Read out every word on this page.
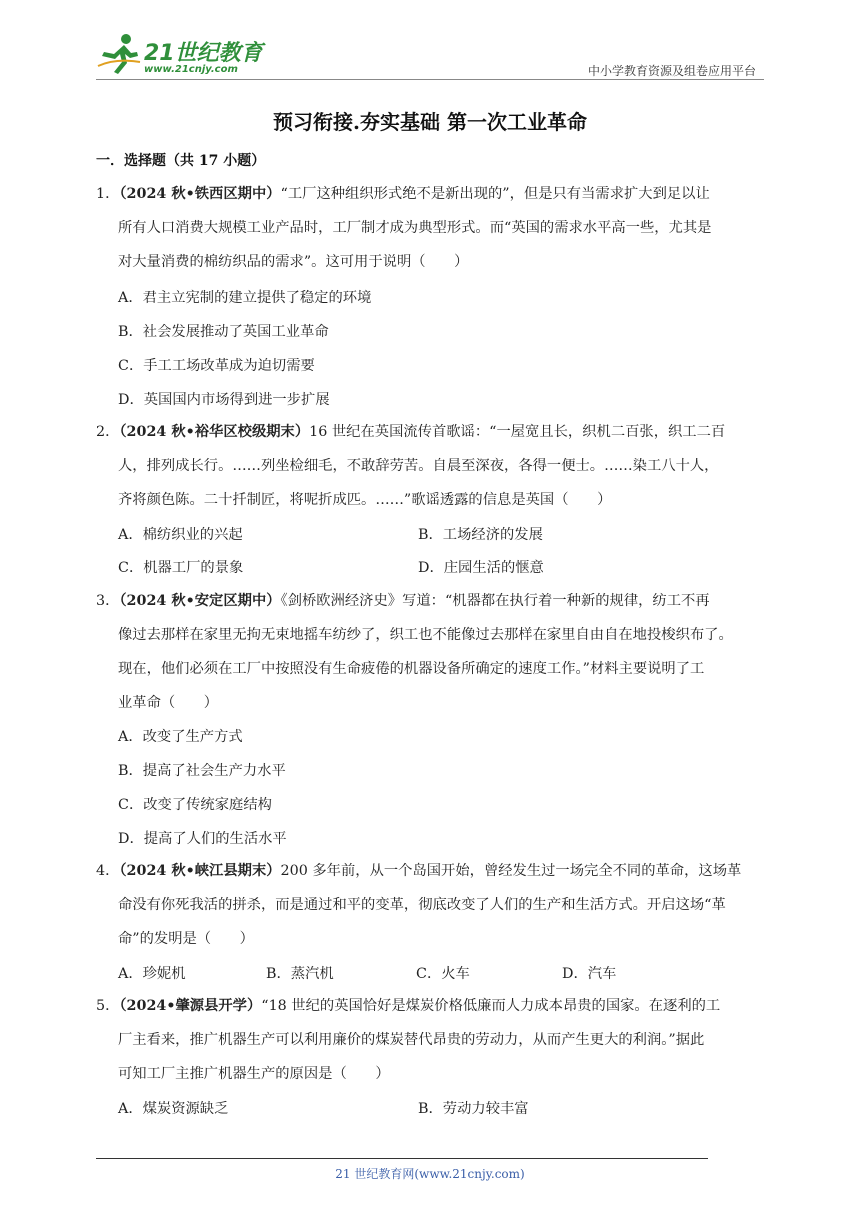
21世纪教育
www.21cnjy.com	中小学教育资源及组卷应用平台
预习衔接.夯实基础 第一次工业革命
一．选择题（共 17 小题）
1．（2024 秋•铁西区期中）“工厂这种组织形式绝不是新出现的”，但是只有当需求扩大到足以让
所有人口消费大规模工业产品时，工厂制才成为典型形式。而“英国的需求水平高一些，尤其是
对大量消费的棉纺织品的需求”。这可用于说明（　　）
A．君主立宪制的建立提供了稳定的环境
B．社会发展推动了英国工业革命
C．手工工场改革成为迫切需要
D．英国国内市场得到进一步扩展
2．（2024 秋•裕华区校级期末）16 世纪在英国流传首歌谣：“一屋宽且长，织机二百张，织工二百
人，排列成长行。……列坐检细毛，不敢辞劳苦。自晨至深夜，各得一便士。……染工八十人，
齐将颜色陈。二十扦制匠，将呢折成匹。……”歌谣透露的信息是英国（　　）
A．棉纺织业的兴起	B．工场经济的发展
C．机器工厂的景象	D．庄园生活的惬意
3．（2024 秋•安定区期中）《剑桥欧洲经济史》写道：“机器都在执行着一种新的规律，纺工不再
像过去那样在家里无拘无束地摇车纺纱了，织工也不能像过去那样在家里自由自在地投梭织布了。
现在，他们必须在工厂中按照没有生命疲倦的机器设备所确定的速度工作。”材料主要说明了工
业革命（　　）
A．改变了生产方式
B．提高了社会生产力水平
C．改变了传统家庭结构
D．提高了人们的生活水平
4．（2024 秋•峡江县期末）200 多年前，从一个岛国开始，曾经发生过一场完全不同的革命，这场革
命没有你死我活的拼杀，而是通过和平的变革，彻底改变了人们的生产和生活方式。开启这场“革
命”的发明是（　　）
A．珍妮机	B．蒸汽机	C．火车	D．汽车
5．（2024•肇源县开学）“18 世纪的英国恰好是煤炭价格低廉而人力成本昂贵的国家。在逐利的工
厂主看来，推广机器生产可以利用廉价的煤炭替代昂贵的劳动力，从而产生更大的利润。”据此
可知工厂主推广机器生产的原因是（　　）
A．煤炭资源缺乏	B．劳动力较丰富
21 世纪教育网(www.21cnjy.com)
